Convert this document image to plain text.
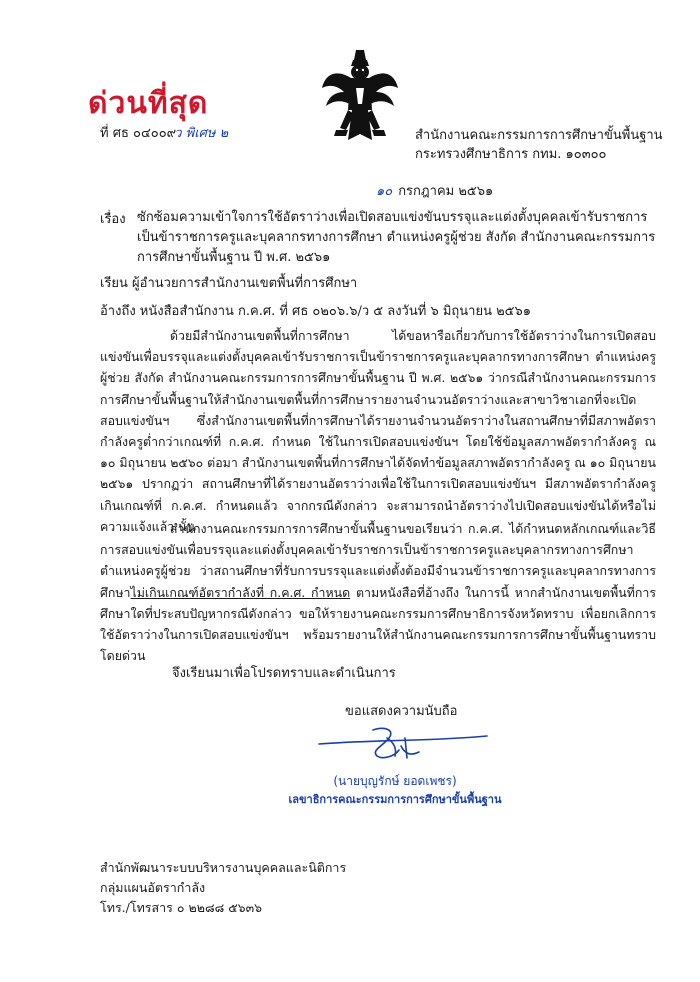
ด่วนที่สุด
ที่ ศธ ๐๔๐๐๙ว พิเศษ ๒	สำนักงานคณะกรรมการการศึกษาขั้นพื้นฐาน
กระทรวงศึกษาธิการ กทม. ๑๐๓๐๐
๑๐ กรกฎาคม ๒๕๖๑
เรื่อง ซักซ้อมความเข้าใจการใช้อัตราว่างเพื่อเปิดสอบแข่งขันบรรจุและแต่งตั้งบุคคลเข้ารับราชการเป็นข้าราชการครูและบุคลากรทางการศึกษา ตำแหน่งครูผู้ช่วย สังกัด สำนักงานคณะกรรมการการศึกษาขั้นพื้นฐาน ปี พ.ศ. ๒๕๖๑
เรียน ผู้อำนวยการสำนักงานเขตพื้นที่การศึกษา
อ้างถึง หนังสือสำนักงาน ก.ค.ศ. ที่ ศธ ๐๒๐๖.๖/ว ๕ ลงวันที่ ๖ มิถุนายน ๒๕๖๑
ด้วยมีสำนักงานเขตพื้นที่การศึกษา ได้ขอหารือเกี่ยวกับการใช้อัตราว่างในการเปิดสอบแข่งขันเพื่อบรรจุและแต่งตั้งบุคคลเข้ารับราชการเป็นข้าราชการครูและบุคลากรทางการศึกษา ตำแหน่งครูผู้ช่วย สังกัด สำนักงานคณะกรรมการการศึกษาขั้นพื้นฐาน ปี พ.ศ. ๒๕๖๑ ว่ากรณีสำนักงานคณะกรรมการการศึกษาขั้นพื้นฐานให้สำนักงานเขตพื้นที่การศึกษารายงานจำนวนอัตราว่างและสาขาวิชาเอกที่จะเปิดสอบแข่งขันฯ ซึ่งสำนักงานเขตพื้นที่การศึกษาได้รายงานจำนวนอัตราว่างในสถานศึกษาที่มีสภาพอัตรากำลังครูต่ำกว่าเกณฑ์ที่ ก.ค.ศ. กำหนด ใช้ในการเปิดสอบแข่งขันฯ โดยใช้ข้อมูลสภาพอัตรากำลังครู ณ ๑๐ มิถุนายน ๒๕๖๐ ต่อมา สำนักงานเขตพื้นที่การศึกษาได้จัดทำข้อมูลสภาพอัตรากำลังครู ณ ๑๐ มิถุนายน ๒๕๖๑ ปรากฏว่า สถานศึกษาที่ได้รายงานอัตราว่างเพื่อใช้ในการเปิดสอบแข่งขันฯ มีสภาพอัตรากำลังครูเกินเกณฑ์ที่ ก.ค.ศ. กำหนดแล้ว จากกรณีดังกล่าว จะสามารถนำอัตราว่างไปเปิดสอบแข่งขันได้หรือไม่ ความแจ้งแล้ว นั้น
สำนักงานคณะกรรมการการศึกษาขั้นพื้นฐานขอเรียนว่า ก.ค.ศ. ได้กำหนดหลักเกณฑ์และวิธีการสอบแข่งขันเพื่อบรรจุและแต่งตั้งบุคคลเข้ารับราชการเป็นข้าราชการครูและบุคลากรทางการศึกษา ตำแหน่งครูผู้ช่วย ว่าสถานศึกษาที่รับการบรรจุและแต่งตั้งต้องมีจำนวนข้าราชการครูและบุคลากรทางการศึกษาไม่เกินเกณฑ์อัตรากำลังที่ ก.ค.ศ. กำหนด ตามหนังสือที่อ้างถึง ในการนี้ หากสำนักงานเขตพื้นที่การศึกษาใดที่ประสบปัญหากรณีดังกล่าว ขอให้รายงานคณะกรรมการศึกษาธิการจังหวัดทราบ เพื่อยกเลิกการใช้อัตราว่างในการเปิดสอบแข่งขันฯ พร้อมรายงานให้สำนักงานคณะกรรมการการศึกษาขั้นพื้นฐานทราบโดยด่วน
จึงเรียนมาเพื่อโปรดทราบและดำเนินการ
ขอแสดงความนับถือ
(นายบุญรักษ์ ยอดเพชร)
เลขาธิการคณะกรรมการการศึกษาขั้นพื้นฐาน
สำนักพัฒนาระบบบริหารงานบุคคลและนิติการ
กลุ่มแผนอัตรากำลัง
โทร./โทรสาร ๐ ๒๒๘๘ ๕๖๓๖
